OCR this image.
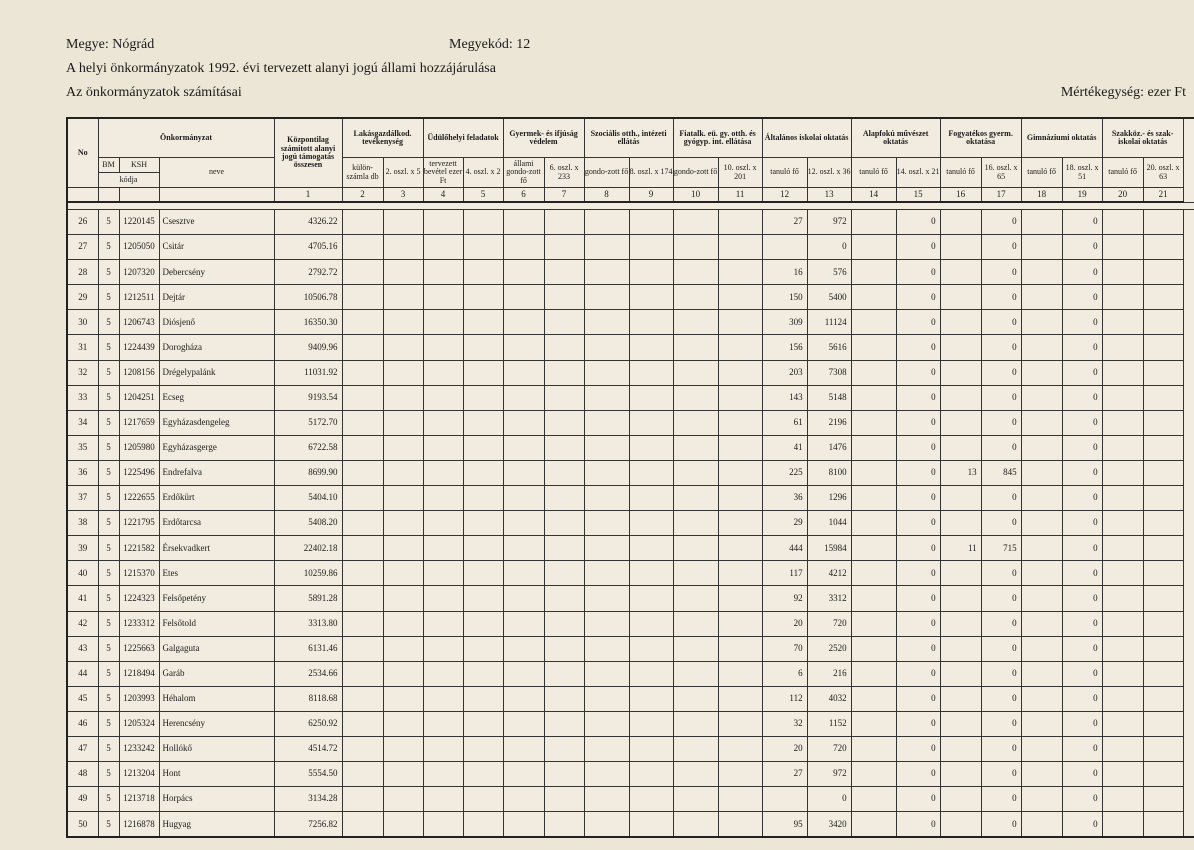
Megye: Nógrád	Megyekód: 12
A helyi önkormányzatok 1992. évi tervezett alanyi jogú állami hozzájárulása
Az önkormányzatok számításai	Mértékegység: ezer Ft
No	Önkormányzat			Központilag számított alanyi jogú támogatás összesen	Lakásgazdálkod. tevékenység		Üdülőhelyi feladatok		Gyermek- és ifjúság védelem		Szociális otth., intézeti ellátás		Fiatalk. eü. gy. otth. és gyógyp. int. ellátása		Általános iskolai oktatás		Alapfokú művészet oktatás		Fogyatékos gyerm. oktatása		Gimnáziumi oktatás		Szakköz.- és szak-iskolai oktatás	
	BM	KSH	neve		külön-számla db	2. oszl. x 5	tervezett bevétel ezer Ft	4. oszl. x 2	állami gondo-zott fő	6. oszl. x 233	gondo-zott fő	8. oszl. x 174	gondo-zott fő	10. oszl. x 201	tanuló fő	12. oszl. x 36	tanuló fő	14. oszl. x 21	tanuló fő	16. oszl. x 65	tanuló fő	18. oszl. x 51	tanuló fő	20. oszl. x 63
	kódja																							
				1	2	3	4	5	6	7	8	9	10	11	12	13	14	15	16	17	18	19	20	21

26	5	1220145	Csesztve	4326.22											27	972		0		0		0		
27	5	1205050	Csitár	4705.16												0		0		0		0		
28	5	1207320	Debercsény	2792.72											16	576		0		0		0		
29	5	1212511	Dejtár	10506.78											150	5400		0		0		0		
30	5	1206743	Diósjenő	16350.30											309	11124		0		0		0		
31	5	1224439	Dorogháza	9409.96											156	5616		0		0		0		
32	5	1208156	Drégelypalánk	11031.92											203	7308		0		0		0		
33	5	1204251	Ecseg	9193.54											143	5148		0		0		0		
34	5	1217659	Egyházasdengeleg	5172.70											61	2196		0		0		0		
35	5	1205980	Egyházasgerge	6722.58											41	1476		0		0		0		
36	5	1225496	Endrefalva	8699.90											225	8100		0	13	845		0		
37	5	1222655	Erdőkürt	5404.10											36	1296		0		0		0		
38	5	1221795	Erdőtarcsa	5408.20											29	1044		0		0		0		
39	5	1221582	Érsekvadkert	22402.18											444	15984		0	11	715		0		
40	5	1215370	Etes	10259.86											117	4212		0		0		0		
41	5	1224323	Felsőpetény	5891.28											92	3312		0		0		0		
42	5	1233312	Felsőtold	3313.80											20	720		0		0		0		
43	5	1225663	Galgaguta	6131.46											70	2520		0		0		0		
44	5	1218494	Garáb	2534.66											6	216		0		0		0		
45	5	1203993	Héhalom	8118.68											112	4032		0		0		0		
46	5	1205324	Herencsény	6250.92											32	1152		0		0		0		
47	5	1233242	Hollókő	4514.72											20	720		0		0		0		
48	5	1213204	Hont	5554.50											27	972		0		0		0		
49	5	1213718	Horpács	3134.28												0		0		0		0		
50	5	1216878	Hugyag	7256.82											95	3420		0		0		0		
